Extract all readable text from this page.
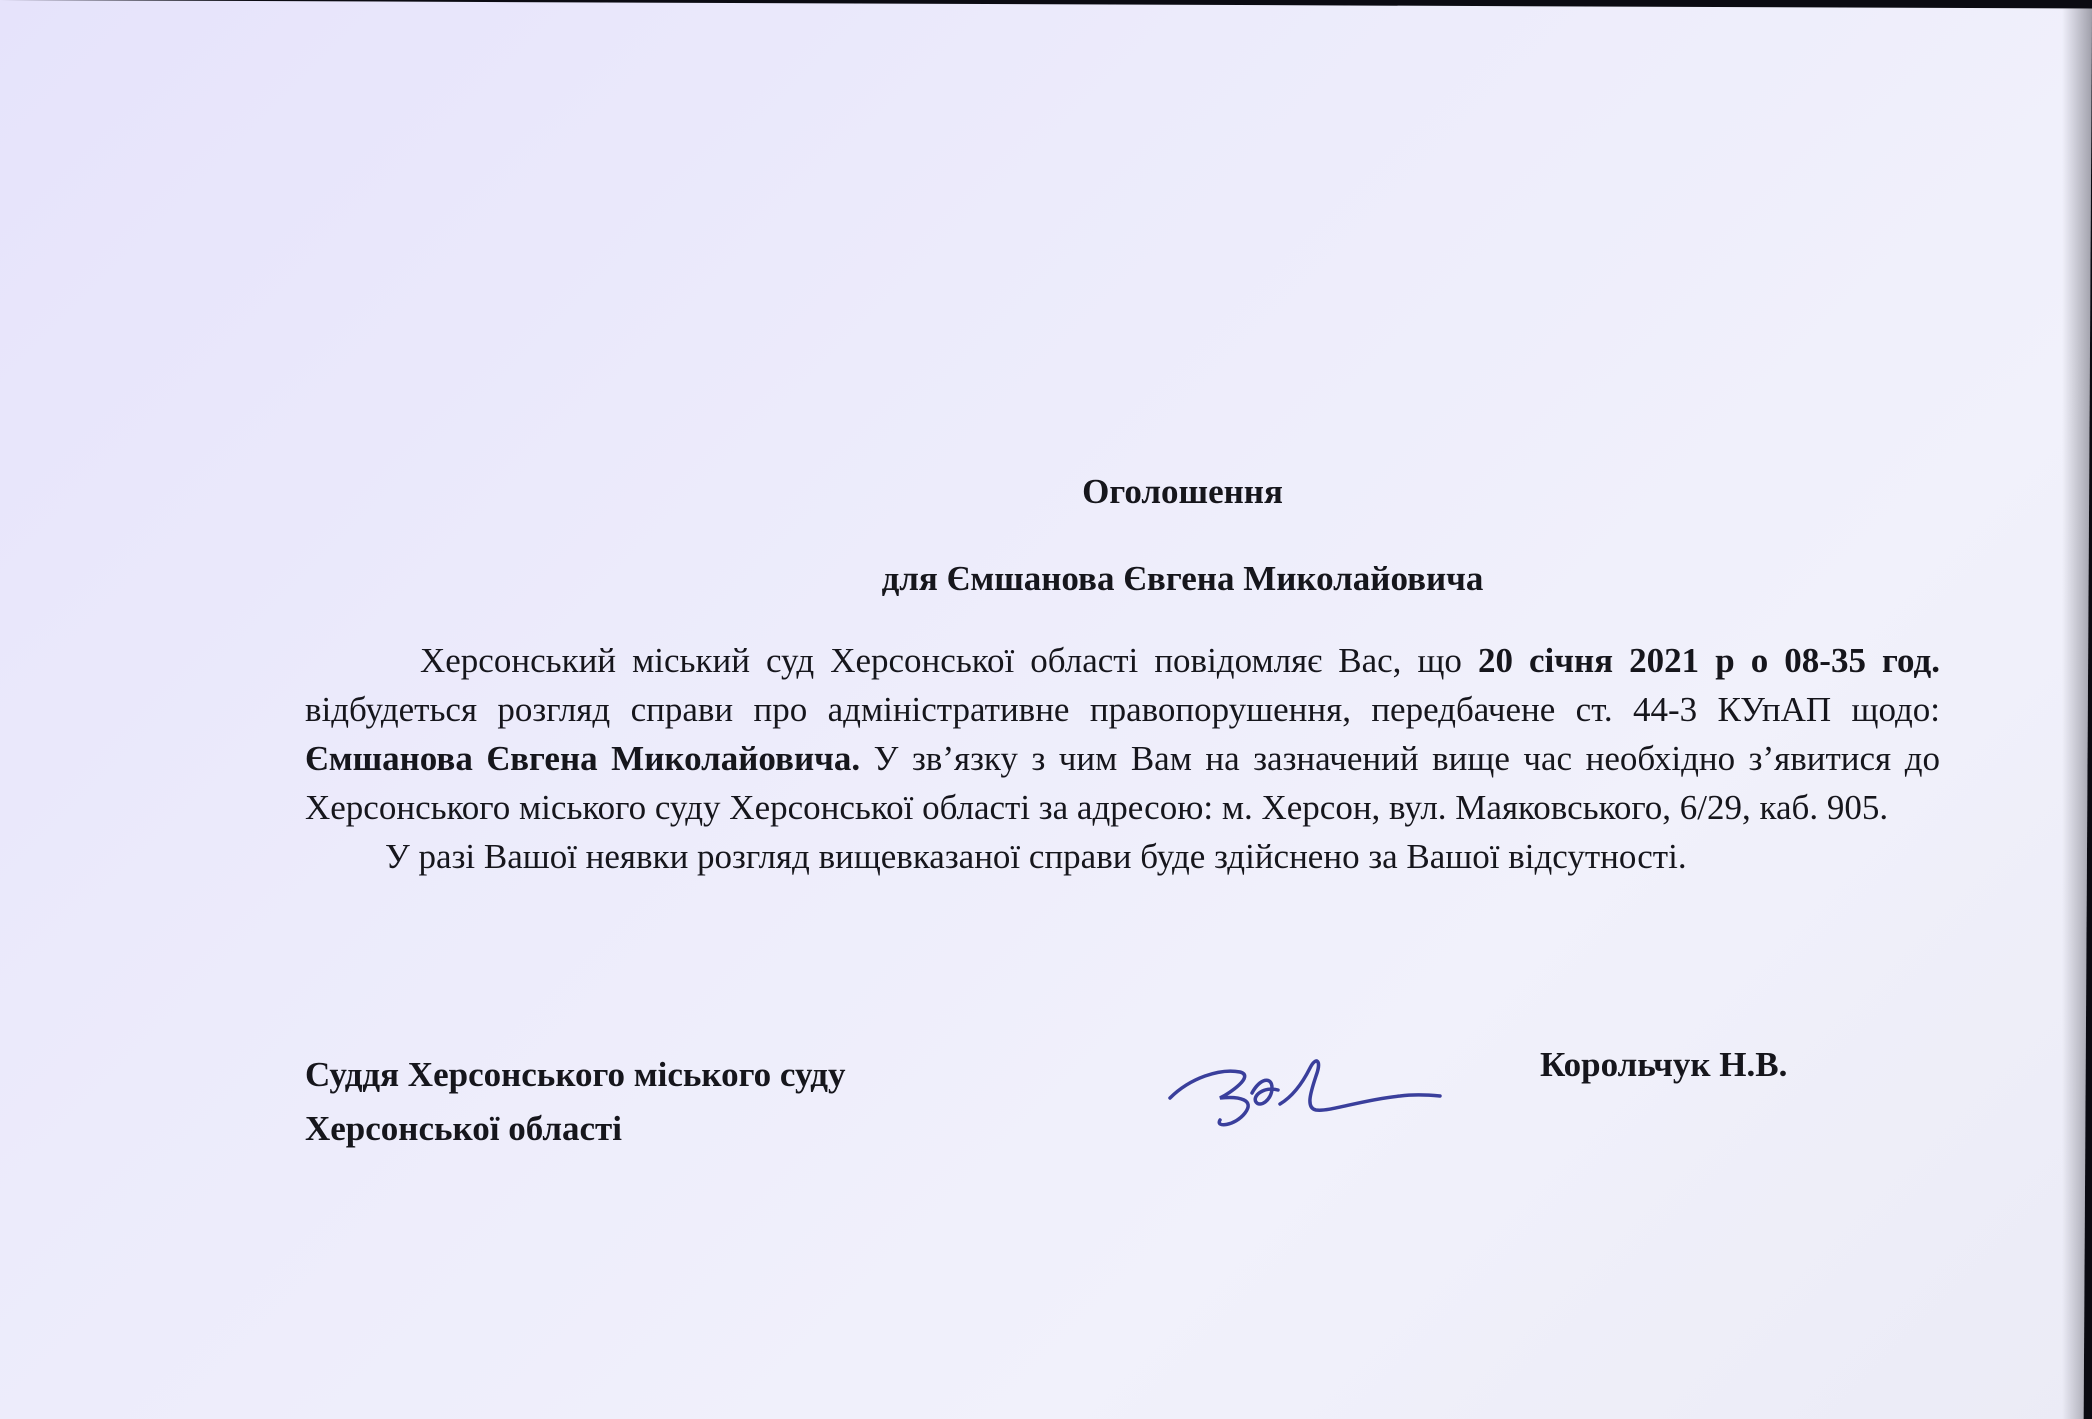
Оголошення

для Ємшанова Євгена Миколайовича

Херсонський міський суд Херсонської області повідомляє Вас, що 20 січня 2021 р о 08-35 год. відбудеться розгляд справи про адміністративне правопорушення, передбачене ст. 44-3 КУпАП щодо: Ємшанова Євгена Миколайовича. У зв’язку з чим Вам на зазначений вище час необхідно з’явитися до Херсонського міського суду Херсонської області за адресою: м. Херсон, вул. Маяковського, 6/29, каб. 905.

У разі Вашої неявки розгляд вищевказаної справи буде здійснено за Вашої відсутності.

Суддя Херсонського міського суду
Херсонської області
Корольчук Н.В.
